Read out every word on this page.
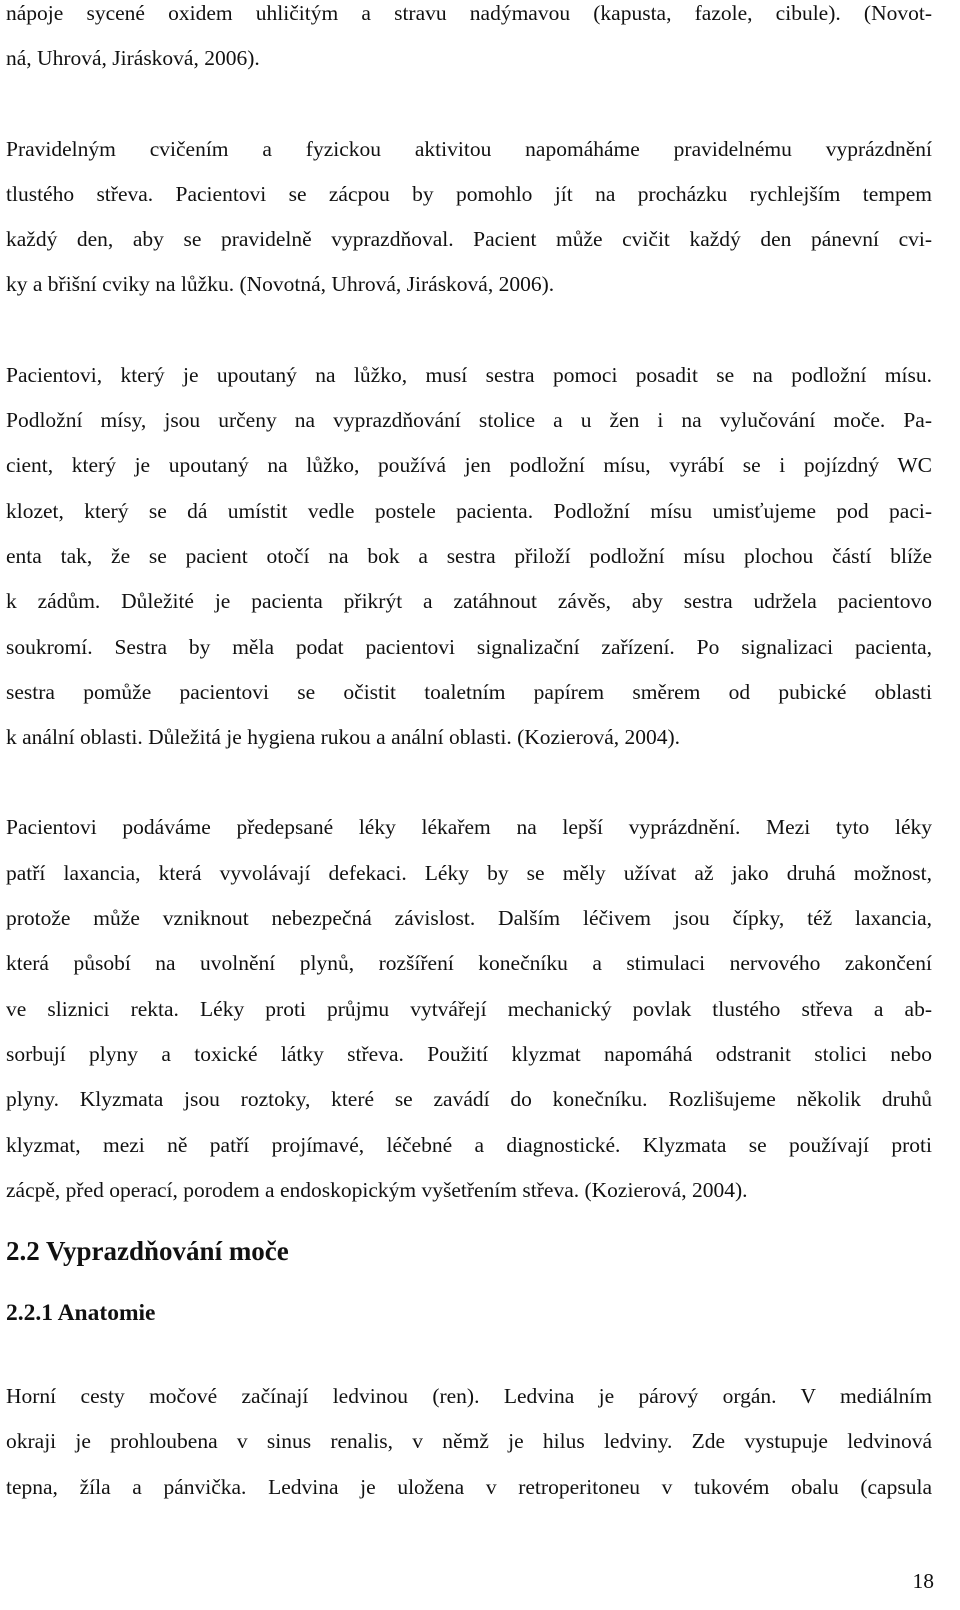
nápoje sycené oxidem uhličitým a stravu nadýmavou (kapusta, fazole, cibule). (Novot-
ná, Uhrová, Jirásková, 2006).

Pravidelným cvičením a fyzickou aktivitou napomáháme pravidelnému vyprázdnění
tlustého střeva. Pacientovi se zácpou by pomohlo jít na procházku rychlejším tempem
každý den, aby se pravidelně vyprazdňoval. Pacient může cvičit každý den pánevní cvi-
ky a břišní cviky na lůžku. (Novotná, Uhrová, Jirásková, 2006).

Pacientovi, který je upoutaný na lůžko, musí sestra pomoci posadit se na podložní mísu.
Podložní mísy, jsou určeny na vyprazdňování stolice a u žen i na vylučování moče. Pa-
cient, který je upoutaný na lůžko, používá jen podložní mísu, vyrábí se i pojízdný WC
klozet, který se dá umístit vedle postele pacienta. Podložní mísu umisťujeme pod paci-
enta tak, že se pacient otočí na bok a sestra přiloží podložní mísu plochou částí blíže
k zádům. Důležité je pacienta přikrýt a zatáhnout závěs, aby sestra udržela pacientovo
soukromí. Sestra by měla podat pacientovi signalizační zařízení. Po signalizaci pacienta,
sestra pomůže pacientovi se očistit toaletním papírem směrem od pubické oblasti
k anální oblasti. Důležitá je hygiena rukou a anální oblasti. (Kozierová, 2004).

Pacientovi podáváme předepsané léky lékařem na lepší vyprázdnění. Mezi tyto léky
patří laxancia, která vyvolávají defekaci. Léky by se měly užívat až jako druhá možnost,
protože může vzniknout nebezpečná závislost. Dalším léčivem jsou čípky, též laxancia,
která působí na uvolnění plynů, rozšíření konečníku a stimulaci nervového zakončení
ve sliznici rekta. Léky proti průjmu vytvářejí mechanický povlak tlustého střeva a ab-
sorbují plyny a toxické látky střeva. Použití klyzmat napomáhá odstranit stolici nebo
plyny. Klyzmata jsou roztoky, které se zavádí do konečníku. Rozlišujeme několik druhů
klyzmat, mezi ně patří projímavé, léčebné a diagnostické. Klyzmata se používají proti
zácpě, před operací, porodem a endoskopickým vyšetřením střeva. (Kozierová, 2004).

2.2 Vyprazdňování moče
2.2.1 Anatomie

Horní cesty močové začínají ledvinou (ren). Ledvina je párový orgán. V mediálním
okraji je prohloubena v sinus renalis, v němž je hilus ledviny. Zde vystupuje ledvinová
tepna, žíla a pánvička. Ledvina je uložena v retroperitoneu v tukovém obalu (capsula

18
